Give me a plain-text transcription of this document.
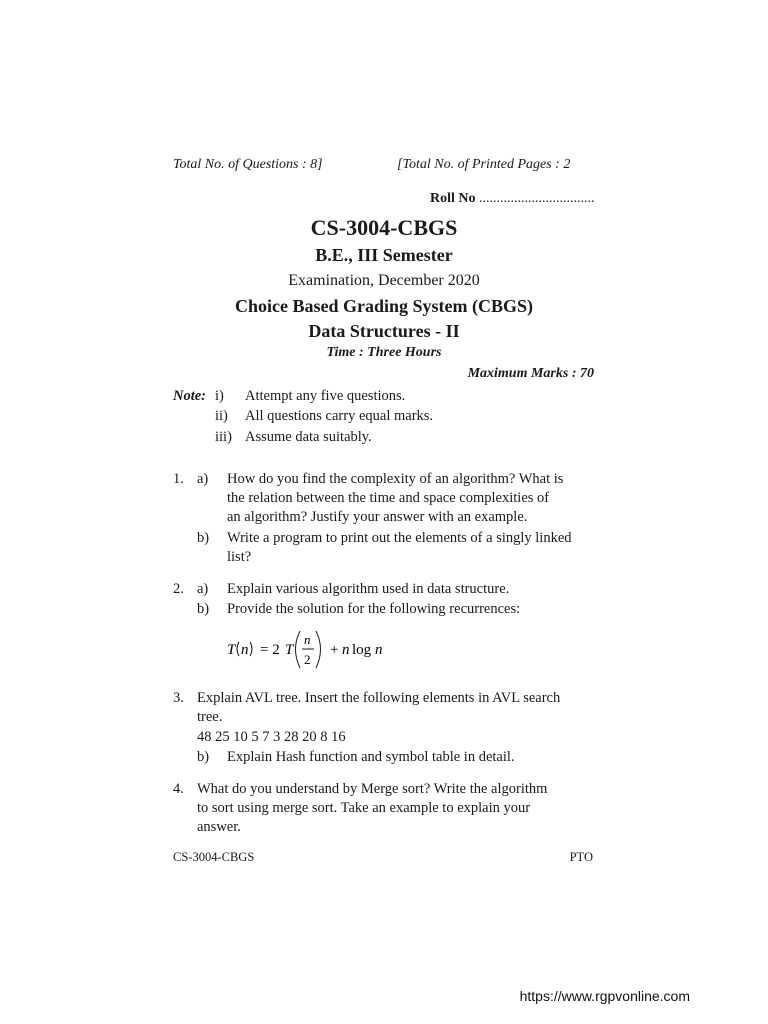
Total No. of Questions : 8]	[Total No. of Printed Pages : 2
Roll No .................................
CS-3004-CBGS
B.E., III Semester
Examination, December 2020
Choice Based Grading System (CBGS)
Data Structures - II
Time : Three Hours
Maximum Marks : 70
Note: i) Attempt any five questions.
ii) All questions carry equal marks.
iii) Assume data suitably.
1. a) How do you find the complexity of an algorithm? What is
the relation between the time and space complexities of
an algorithm? Justify your answer with an example.
b) Write a program to print out the elements of a singly linked
list?
2. a) Explain various algorithm used in data structure.
b) Provide the solution for the following recurrences:
T n = 2 T
n
2
+ n log n
3. Explain AVL tree. Insert the following elements in AVL search
tree.
48 25 10 5 7 3 28 20 8 16
b) Explain Hash function and symbol table in detail.
4. What do you understand by Merge sort? Write the algorithm
to sort using merge sort. Take an example to explain your
answer.
CS-3004-CBGS	PTO
https://www.rgpvonline.com
